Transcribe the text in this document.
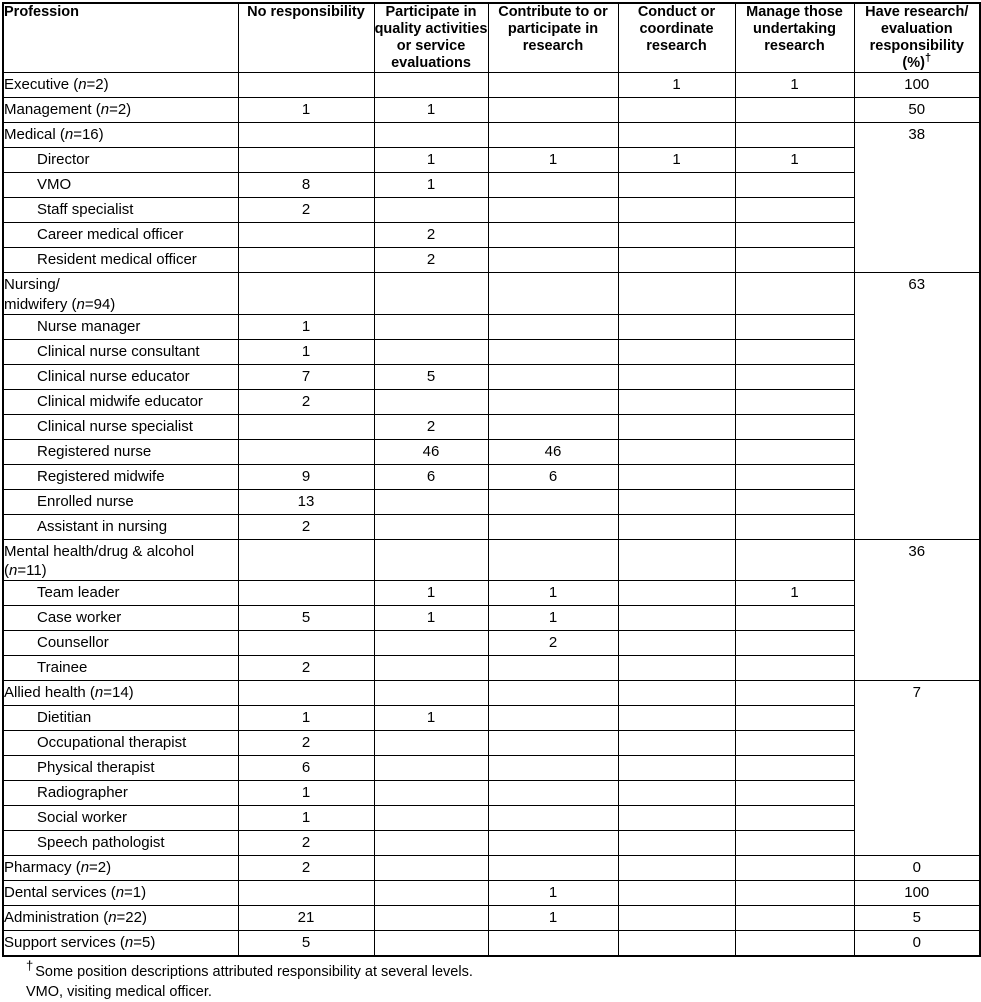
Profession	No responsibility	Participate in quality activities or service evaluations	Contribute to or participate in research	Conduct or coordinate research	Manage those undertaking research	Have research/ evaluation responsibility (%)†
Executive (n=2)				1	1	100

Management (n=2)	1	1				50

Medical (n=16)						38

Director		1	1	1	1	
VMO	8	1				
Staff specialist	2					
Career medical officer		2				
Resident medical officer		2				
Nursing/
midwifery (n=94)						63

Nurse manager	1					
Clinical nurse consultant	1					
Clinical nurse educator	7	5				
Clinical midwife educator	2					
Clinical nurse specialist		2				
Registered nurse		46	46			
Registered midwife	9	6	6			
Enrolled nurse	13					
Assistant in nursing	2					
Mental health/drug & alcohol
(n=11)						36

Team leader		1	1		1	
Case worker	5	1	1			
Counsellor			2			
Trainee	2					
Allied health (n=14)						7

Dietitian	1	1				
Occupational therapist	2					
Physical therapist	6					
Radiographer	1					
Social worker	1					
Speech pathologist	2					
Pharmacy (n=2)	2					0

Dental services (n=1)			1			100

Administration (n=22)	21		1			5

Support services (n=5)	5					0
† Some position descriptions attributed responsibility at several levels.
VMO, visiting medical officer.
